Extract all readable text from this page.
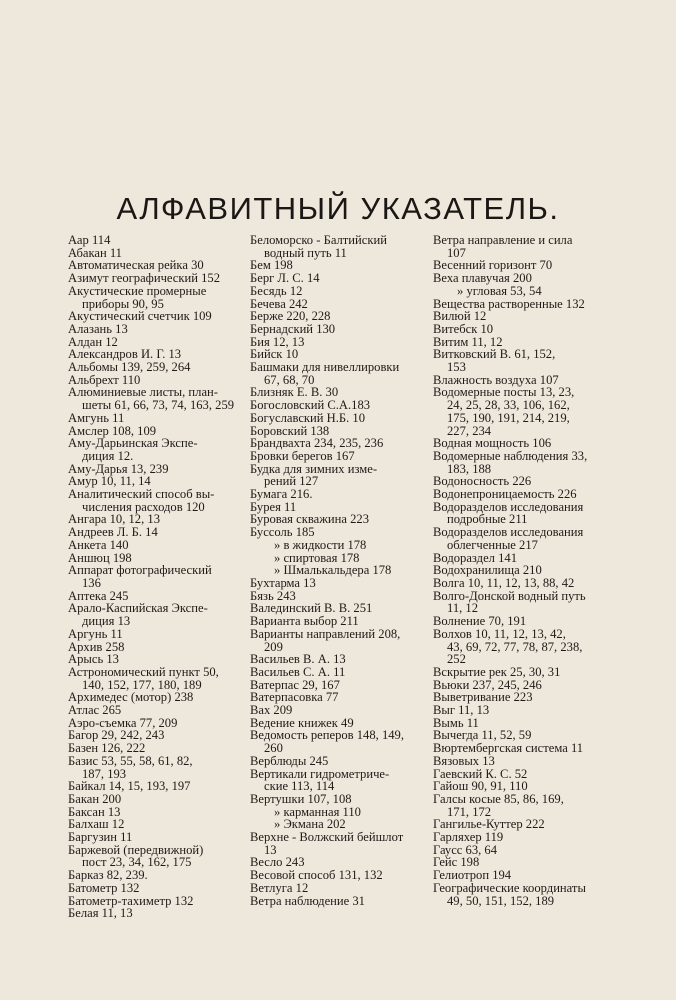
АЛФАВИТНЫЙ УКАЗАТЕЛЬ.
Аар 114
Абакан 11
Автоматическая рейка 30
Азимут географический 152
Акустические промерные
приборы 90, 95
Акустический счетчик 109
Алазань 13
Алдан 12
Александров И. Г. 13
Альбомы 139, 259, 264
Альбрехт 110
Алюминиевые листы, план-
шеты 61, 66, 73, 74, 163, 259
Амгунь 11
Амслер 108, 109
Аму-Дарьинская Экспе-
диция 12.
Аму-Дарья 13, 239
Амур 10, 11, 14
Аналитический способ вы-
числения расходов 120
Ангара 10, 12, 13
Андреев Л. Б. 14
Анкета 140
Аншюц 198
Аппарат фотографический
136
Аптека 245
Арало-Каспийская Экспе-
диция 13
Аргунь 11
Архив 258
Арысь 13
Астрономический пункт 50,
140, 152, 177, 180, 189
Архимедес (мотор) 238
Атлас 265
Аэро-съемка 77, 209
Багор 29, 242, 243
Базен 126, 222
Базис 53, 55, 58, 61, 82,
187, 193
Байкал 14, 15, 193, 197
Бакан 200
Баксан 13
Балхаш 12
Баргузин 11
Баржевой (передвижной)
пост 23, 34, 162, 175
Барказ 82, 239.
Батометр 132
Батометр-тахиметр 132
Белая 11, 13
Беломорско - Балтийский
водный путь 11
Бем 198
Берг Л. С. 14
Бесядь 12
Бечева 242
Берже 220, 228
Бернадский 130
Бия 12, 13
Бийск 10
Башмаки для нивеллировки
67, 68, 70
Близняк Е. В. 30
Богословский С.А.183
Богуславский Н.Б. 10
Боровский 138
Брандвахта 234, 235, 236
Бровки берегов 167
Будка для зимних изме-
рений 127
Бумага 216.
Бурея 11
Буровая скважина 223
Буссоль 185
» в жидкости 178
» спиртовая 178
» Шмалькальдера 178
Бухтарма 13
Бязь 243
Валединский В. В. 251
Варианта выбор 211
Варианты направлений 208,
209
Васильев В. А. 13
Васильев С. А. 11
Ватерпас 29, 167
Ватерпасовка 77
Вах 209
Ведение книжек 49
Ведомость реперов 148, 149,
260
Верблюды 245
Вертикали гидрометриче-
ские 113, 114
Вертушки 107, 108
» карманная 110
» Экмана 202
Верхне - Волжский бейшлот
13
Весло 243
Весовой способ 131, 132
Ветлуга 12
Ветра наблюдение 31
Ветра направление и сила
107
Весенний горизонт 70
Веха плавучая 200
» угловая 53, 54
Вещества растворенные 132
Вилюй 12
Витебск 10
Витим 11, 12
Витковский В. 61, 152,
153
Влажность воздуха 107
Водомерные посты 13, 23,
24, 25, 28, 33, 106, 162,
175, 190, 191, 214, 219,
227, 234
Водная мощность 106
Водомерные наблюдения 33,
183, 188
Водоносность 226
Водонепроницаемость 226
Водоразделов исследования
подробные 211
Водоразделов исследования
облегченные 217
Водораздел 141
Водохранилища 210
Волга 10, 11, 12, 13, 88, 42
Волго-Донской водный путь
11, 12
Волнение 70, 191
Волхов 10, 11, 12, 13, 42,
43, 69, 72, 77, 78, 87, 238,
252
Вскрытие рек 25, 30, 31
Вьюки 237, 245, 246
Выветривание 223
Выг 11, 13
Вымь 11
Вычегда 11, 52, 59
Вюртембергская система 11
Вязовых 13
Гаевский К. С. 52
Гайош 90, 91, 110
Галсы косые 85, 86, 169,
171, 172
Гангилье-Куттер 222
Гарляхер 119
Гаусс 63, 64
Гейс 198
Гелиотроп 194
Географические координаты
49, 50, 151, 152, 189
